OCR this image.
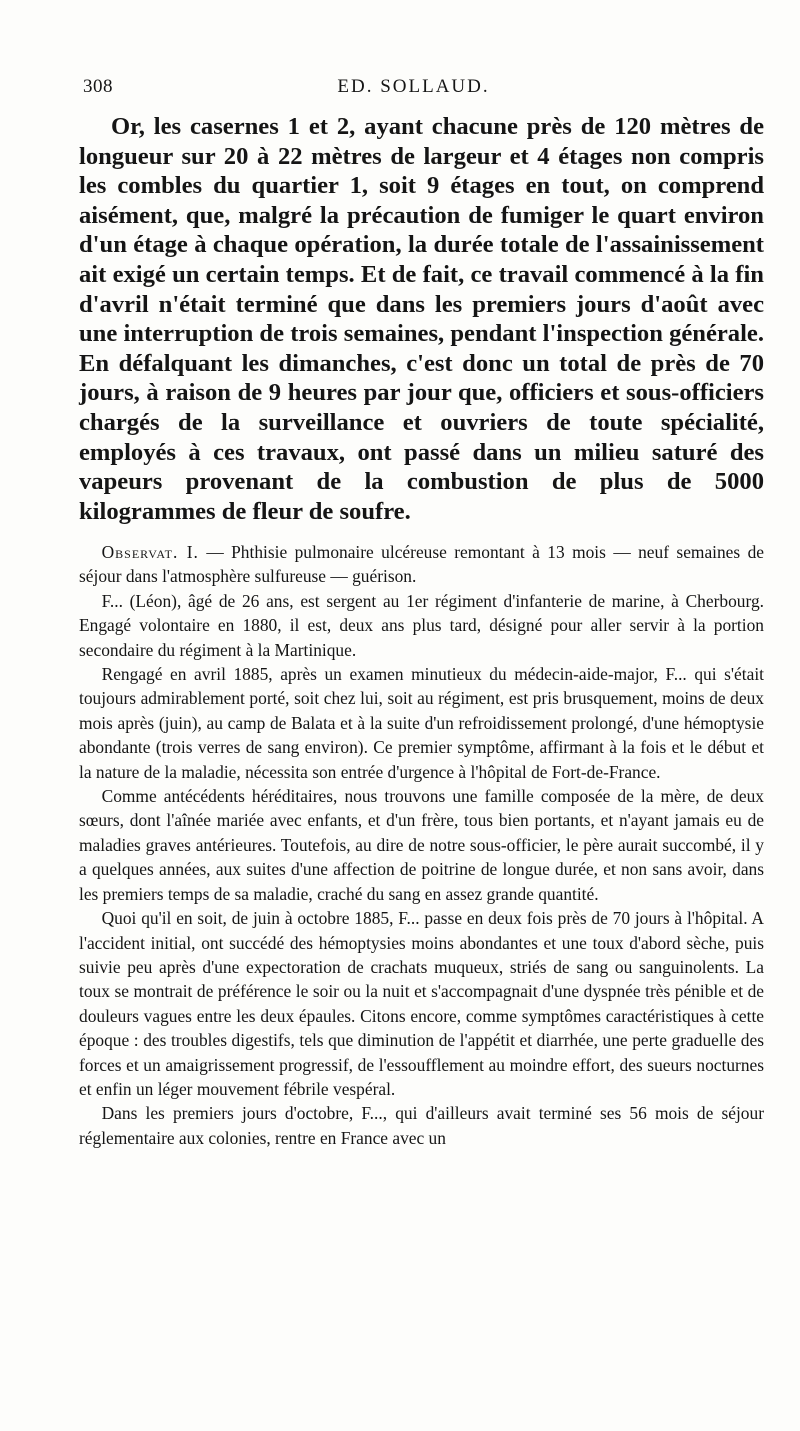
308	ED. SOLLAUD.

Or, les casernes 1 et 2, ayant chacune près de 120 mètres de longueur sur 20 à 22 mètres de largeur et 4 étages non compris les combles du quartier 1, soit 9 étages en tout, on comprend aisément, que, malgré la précaution de fumiger le quart environ d'un étage à chaque opération, la durée totale de l'assainissement ait exigé un certain temps. Et de fait, ce travail commencé à la fin d'avril n'était terminé que dans les premiers jours d'août avec une interruption de trois semaines, pendant l'inspection générale. En défalquant les dimanches, c'est donc un total de près de 70 jours, à raison de 9 heures par jour que, officiers et sous-officiers chargés de la surveillance et ouvriers de toute spécialité, employés à ces travaux, ont passé dans un milieu saturé des vapeurs provenant de la combustion de plus de 5000 kilogrammes de fleur de soufre.

Observat. I. — Phthisie pulmonaire ulcéreuse remontant à 13 mois — neuf semaines de séjour dans l'atmosphère sulfureuse — guérison.

F... (Léon), âgé de 26 ans, est sergent au 1er régiment d'infanterie de marine, à Cherbourg. Engagé volontaire en 1880, il est, deux ans plus tard, désigné pour aller servir à la portion secondaire du régiment à la Martinique.

Rengagé en avril 1885, après un examen minutieux du médecin-aide-major, F... qui s'était toujours admirablement porté, soit chez lui, soit au régiment, est pris brusquement, moins de deux mois après (juin), au camp de Balata et à la suite d'un refroidissement prolongé, d'une hémoptysie abondante (trois verres de sang environ). Ce premier symptôme, affirmant à la fois et le début et la nature de la maladie, nécessita son entrée d'urgence à l'hôpital de Fort-de-France.

Comme antécédents héréditaires, nous trouvons une famille composée de la mère, de deux sœurs, dont l'aînée mariée avec enfants, et d'un frère, tous bien portants, et n'ayant jamais eu de maladies graves antérieures. Toutefois, au dire de notre sous-officier, le père aurait succombé, il y a quelques années, aux suites d'une affection de poitrine de longue durée, et non sans avoir, dans les premiers temps de sa maladie, craché du sang en assez grande quantité.

Quoi qu'il en soit, de juin à octobre 1885, F... passe en deux fois près de 70 jours à l'hôpital. A l'accident initial, ont succédé des hémoptysies moins abondantes et une toux d'abord sèche, puis suivie peu après d'une expectoration de crachats muqueux, striés de sang ou sanguinolents. La toux se montrait de préférence le soir ou la nuit et s'accompagnait d'une dyspnée très pénible et de douleurs vagues entre les deux épaules. Citons encore, comme symptômes caractéristiques à cette époque : des troubles digestifs, tels que diminution de l'appétit et diarrhée, une perte graduelle des forces et un amaigrissement progressif, de l'essoufflement au moindre effort, des sueurs nocturnes et enfin un léger mouvement fébrile vespéral.

Dans les premiers jours d'octobre, F..., qui d'ailleurs avait terminé ses 56 mois de séjour réglementaire aux colonies, rentre en France avec un
